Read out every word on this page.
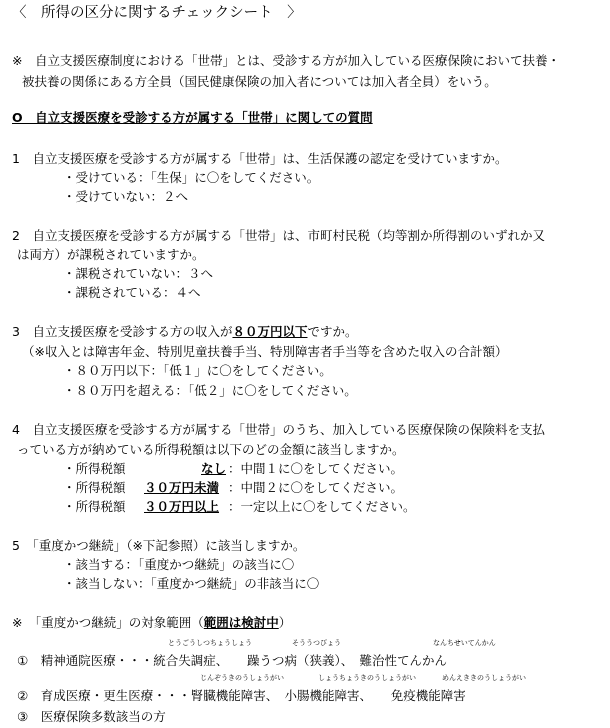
〈　所得の区分に関するチェックシート　〉
※　自立支援医療制度における「世帯」とは、受診する方が加入している医療保険において扶養・
被扶養の関係にある方全員（国民健康保険の加入者については加入者全員）をいう。
O　自立支援医療を受診する方が属する「世帯」に関しての質問
1　自立支援医療を受診する方が属する「世帯」は、生活保護の認定を受けていますか。
・受けている：「生保」に〇をしてください。
・受けていない：２へ
2　自立支援医療を受診する方が属する「世帯」は、市町村民税（均等割か所得割のいずれか又
は両方）が課税されていますか。
・課税されていない：３へ
・課税されている：４へ
3　自立支援医療を受診する方の収入が８０万円以下ですか。
（※収入とは障害年金、特別児童扶養手当、特別障害者手当等を含めた収入の合計額）
・８０万円以下：「低１」に〇をしてください。
・８０万円を超える：「低２」に〇をしてください。
4　自立支援医療を受診する方が属する「世帯」のうち、加入している医療保険の保険料を支払
っている方が納めている所得税額は以下のどの金額に該当しますか。
・所得税額	なし ：中間１に〇をしてください。
・所得税額 ３０万円未満 ：中間２に〇をしてください。
・所得税額 ３０万円以上 ：一定以上に〇をしてください。
5　「重度かつ継続」（※下記参照）に該当しますか。
・該当する：「重度かつ継続」の該当に〇
・該当しない：「重度かつ継続」の非該当に〇
※　「重度かつ継続」の対象範囲（範囲は検討中）
とうごうしつちょうしょう	そううつびょう	なんちせいてんかん
①　精神通院医療・・・統合失調症、　　躁うつ病（狭義）、　難治性てんかん
じんぞうきのうしょうがい	しょうちょうきのうしょうがい	めんえききのうしょうがい
②　育成医療・更生医療・・・腎臓機能障害、　小腸機能障害、　　免疫機能障害
③　医療保険多数該当の方
